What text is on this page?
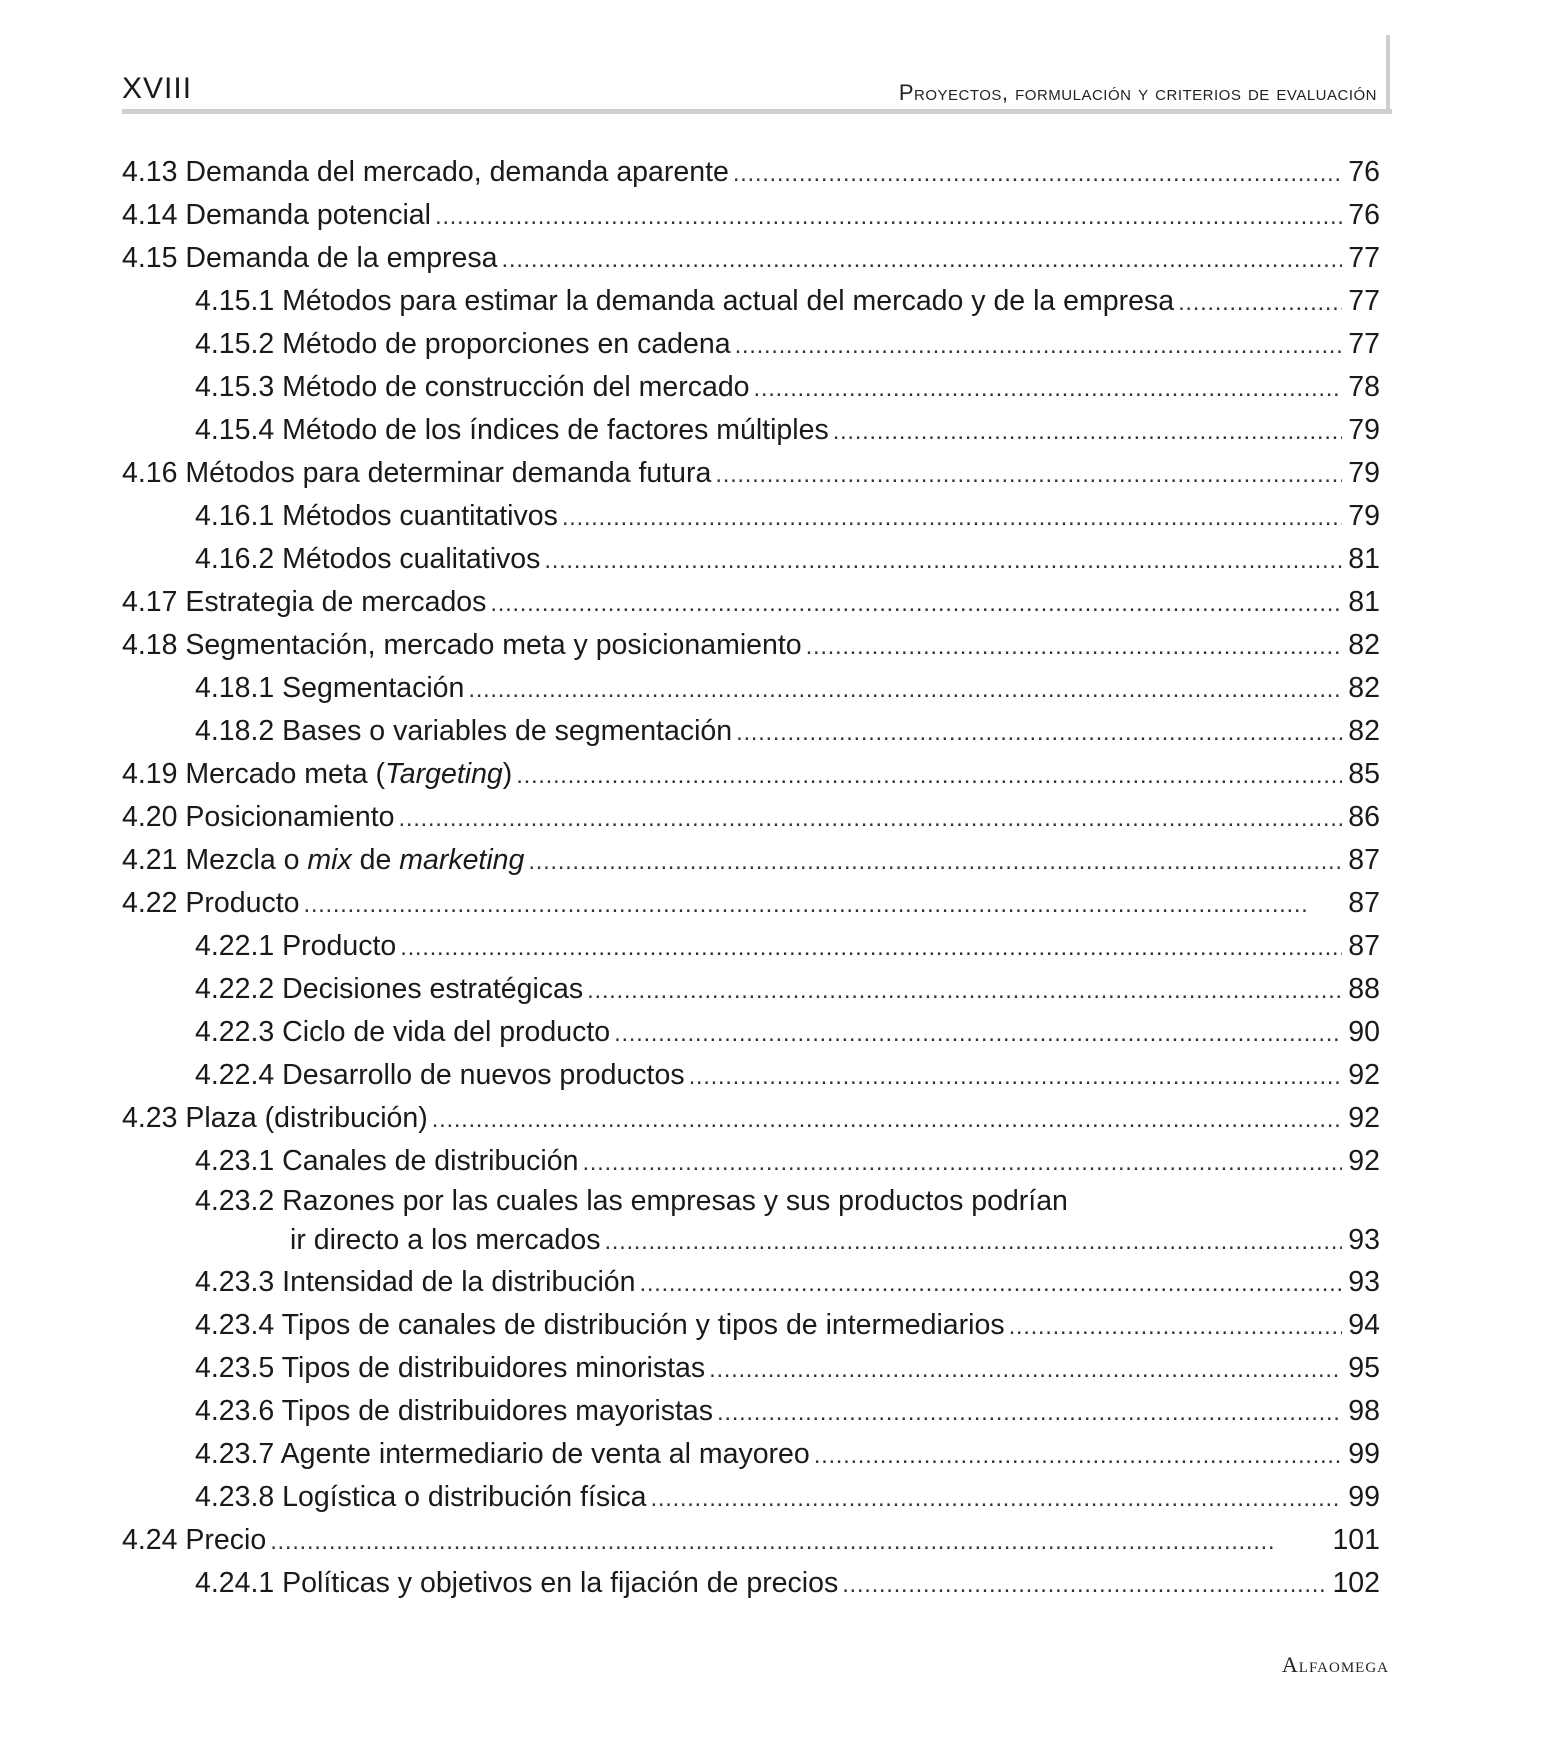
XVIII	Proyectos, formulación y criterios de evaluación
4.13 Demanda del mercado, demanda aparente . . .	76
4.14 Demanda potencial . . .	76
4.15 Demanda de la empresa . . .	77
4.15.1 Métodos para estimar la demanda actual del mercado y de la empresa . . .	77
4.15.2 Método de proporciones en cadena . . .	77
4.15.3 Método de construcción del mercado . . .	78
4.15.4 Método de los índices de factores múltiples . . .	79
4.16 Métodos para determinar demanda futura . . .	79
4.16.1 Métodos cuantitativos . . .	79
4.16.2 Métodos cualitativos . . .	81
4.17 Estrategia de mercados . . .	81
4.18 Segmentación, mercado meta y posicionamiento . . .	82
4.18.1 Segmentación . . .	82
4.18.2 Bases o variables de segmentación . . .	82
4.19 Mercado meta (Targeting) . . .	85
4.20 Posicionamiento . . .	86
4.21 Mezcla o mix de marketing . . .	87
4.22 Producto . . .	87
4.22.1 Producto . . .	87
4.22.2 Decisiones estratégicas . . .	88
4.22.3 Ciclo de vida del producto . . .	90
4.22.4 Desarrollo de nuevos productos . . .	92
4.23 Plaza (distribución) . . .	92
4.23.1 Canales de distribución . . .	92
4.23.2 Razones por las cuales las empresas y sus productos podrían
ir directo a los mercados . . .	93
4.23.3 Intensidad de la distribución . . .	93
4.23.4 Tipos de canales de distribución y tipos de intermediarios . . .	94
4.23.5 Tipos de distribuidores minoristas . . .	95
4.23.6 Tipos de distribuidores mayoristas . . .	98
4.23.7 Agente intermediario de venta al mayoreo . . .	99
4.23.8 Logística o distribución física . . .	99
4.24 Precio . . .	101
4.24.1 Políticas y objetivos en la fijación de precios . . .	102
Alfaomega
